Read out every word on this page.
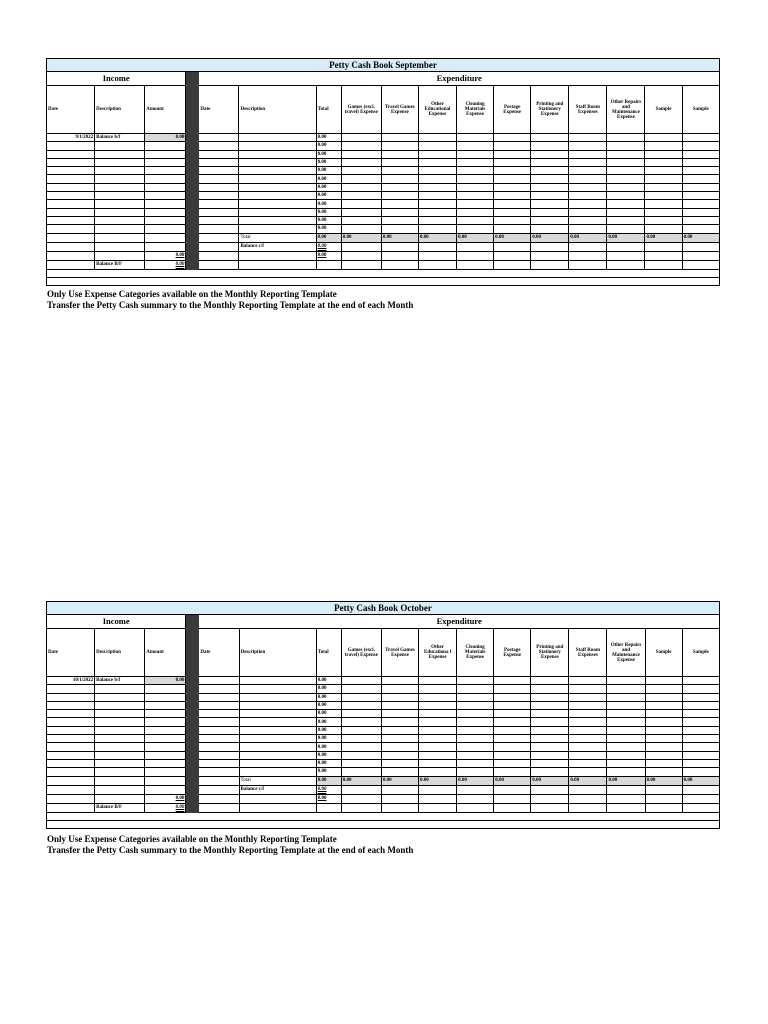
Petty Cash Book September																
Income				Expenditure												
Date	Description	Amount		Date	Description	Total	Games (excl. travel) Expense	Travel Games Expense	Other Educational Expense	Cleaning Materials Expense	Postage Expense	Printing and Stationery Expense	Staff Room Expenses	Other Repairs and Maintenance Expense	Sample	Sample
9/1/2022	Balance b/f	0.00				0.00										
						0.00										
						0.00										
						0.00										
						0.00										
						0.00										
						0.00										
						0.00										
						0.00										
						0.00										
						0.00										
						0.00										
					Total	0.00	0.00	0.00	0.00	0.00	0.00	0.00	0.00	0.00	0.00	0.00
					Balance c/f	0.00										
		0.00				0.00										
	Balance B/F	0.00														

Only Use Expense Categories available on the Monthly Reporting Template
Transfer the Petty Cash summary to the Monthly Reporting Template at the end of each Month
Petty Cash Book October																
Income				Expenditure												
Date	Description	Amount		Date	Description	Total	Games (excl. travel) Expense	Travel Games Expense	Other Educationa l Expense	Cleaning Materials Expense	Postage Expense	Printing and Stationery Expense	Staff Room Expenses	Other Repairs and Maintenance Expense	Sample	Sample
10/1/2022	Balance b/f	0.00				0.00										
						0.00										
						0.00										
						0.00										
						0.00										
						0.00										
						0.00										
						0.00										
						0.00										
						0.00										
						0.00										
						0.00										
					Total	0.00	0.00	0.00	0.00	0.00	0.00	0.00	0.00	0.00	0.00	0.00
					Balance c/f	0.00										
		0.00				0.00										
	Balance B/F	0.00														

Only Use Expense Categories available on the Monthly Reporting Template
Transfer the Petty Cash summary to the Monthly Reporting Template at the end of each Month
